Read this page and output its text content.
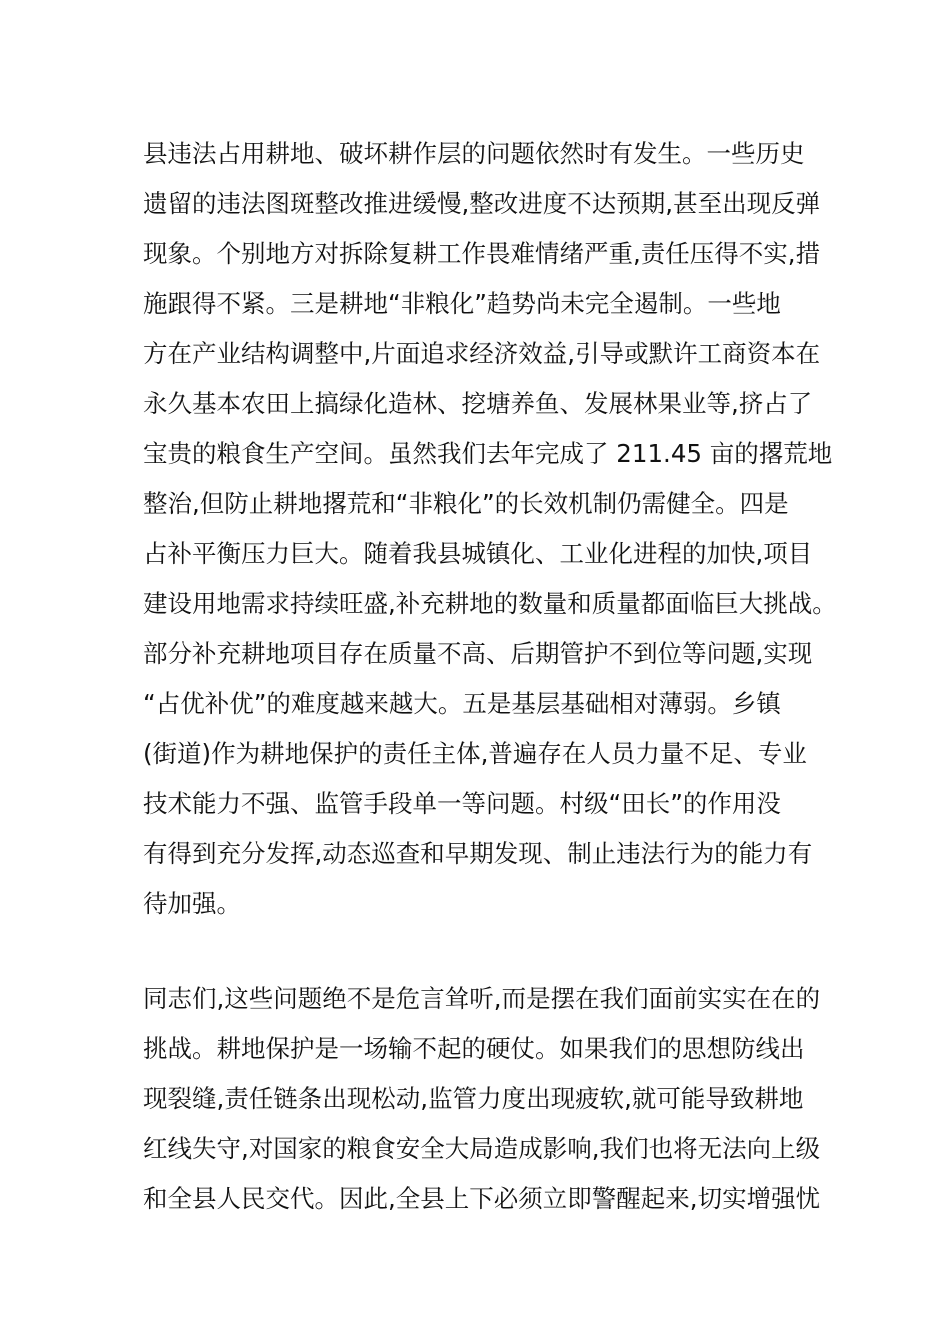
县违法占用耕地、破坏耕作层的问题依然时有发生。一些历史
遗留的违法图斑整改推进缓慢,整改进度不达预期,甚至出现反弹
现象。个别地方对拆除复耕工作畏难情绪严重,责任压得不实,措
施跟得不紧。三是耕地“非粮化”趋势尚未完全遏制。一些地
方在产业结构调整中,片面追求经济效益,引导或默许工商资本在
永久基本农田上搞绿化造林、挖塘养鱼、发展林果业等,挤占了
宝贵的粮食生产空间。虽然我们去年完成了 211.45 亩的撂荒地
整治,但防止耕地撂荒和“非粮化”的长效机制仍需健全。四是
占补平衡压力巨大。随着我县城镇化、工业化进程的加快,项目
建设用地需求持续旺盛,补充耕地的数量和质量都面临巨大挑战。
部分补充耕地项目存在质量不高、后期管护不到位等问题,实现
“占优补优”的难度越来越大。五是基层基础相对薄弱。乡镇
(街道)作为耕地保护的责任主体,普遍存在人员力量不足、专业
技术能力不强、监管手段单一等问题。村级“田长”的作用没
有得到充分发挥,动态巡查和早期发现、制止违法行为的能力有
待加强。
同志们,这些问题绝不是危言耸听,而是摆在我们面前实实在在的
挑战。耕地保护是一场输不起的硬仗。如果我们的思想防线出
现裂缝,责任链条出现松动,监管力度出现疲软,就可能导致耕地
红线失守,对国家的粮食安全大局造成影响,我们也将无法向上级
和全县人民交代。因此,全县上下必须立即警醒起来,切实增强忧
